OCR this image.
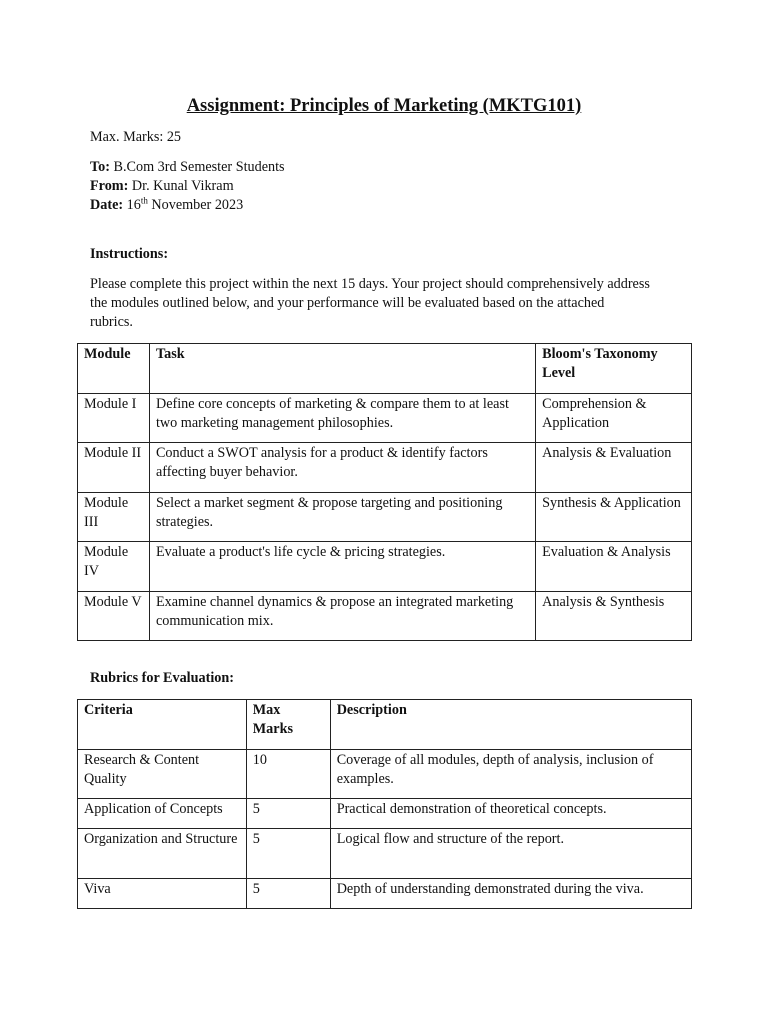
Assignment: Principles of Marketing (MKTG101)
Max. Marks: 25
To: B.Com 3rd Semester Students
From: Dr. Kunal Vikram
Date: 16th November 2023
Instructions:
Please complete this project within the next 15 days. Your project should comprehensively address the modules outlined below, and your performance will be evaluated based on the attached rubrics.
Module	Task	Bloom's Taxonomy Level
Module I	Define core concepts of marketing & compare them to at least two marketing management philosophies.	Comprehension & Application
Module II	Conduct a SWOT analysis for a product & identify factors affecting buyer behavior.	Analysis & Evaluation
Module III	Select a market segment & propose targeting and positioning strategies.	Synthesis & Application
Module IV	Evaluate a product's life cycle & pricing strategies.	Evaluation & Analysis
Module V	Examine channel dynamics & propose an integrated marketing communication mix.	Analysis & Synthesis
Rubrics for Evaluation:
Criteria	Max Marks	Description
Research & Content Quality	10	Coverage of all modules, depth of analysis, inclusion of examples.
Application of Concepts	5	Practical demonstration of theoretical concepts.
Organization and Structure	5	Logical flow and structure of the report.
Viva	5	Depth of understanding demonstrated during the viva.
